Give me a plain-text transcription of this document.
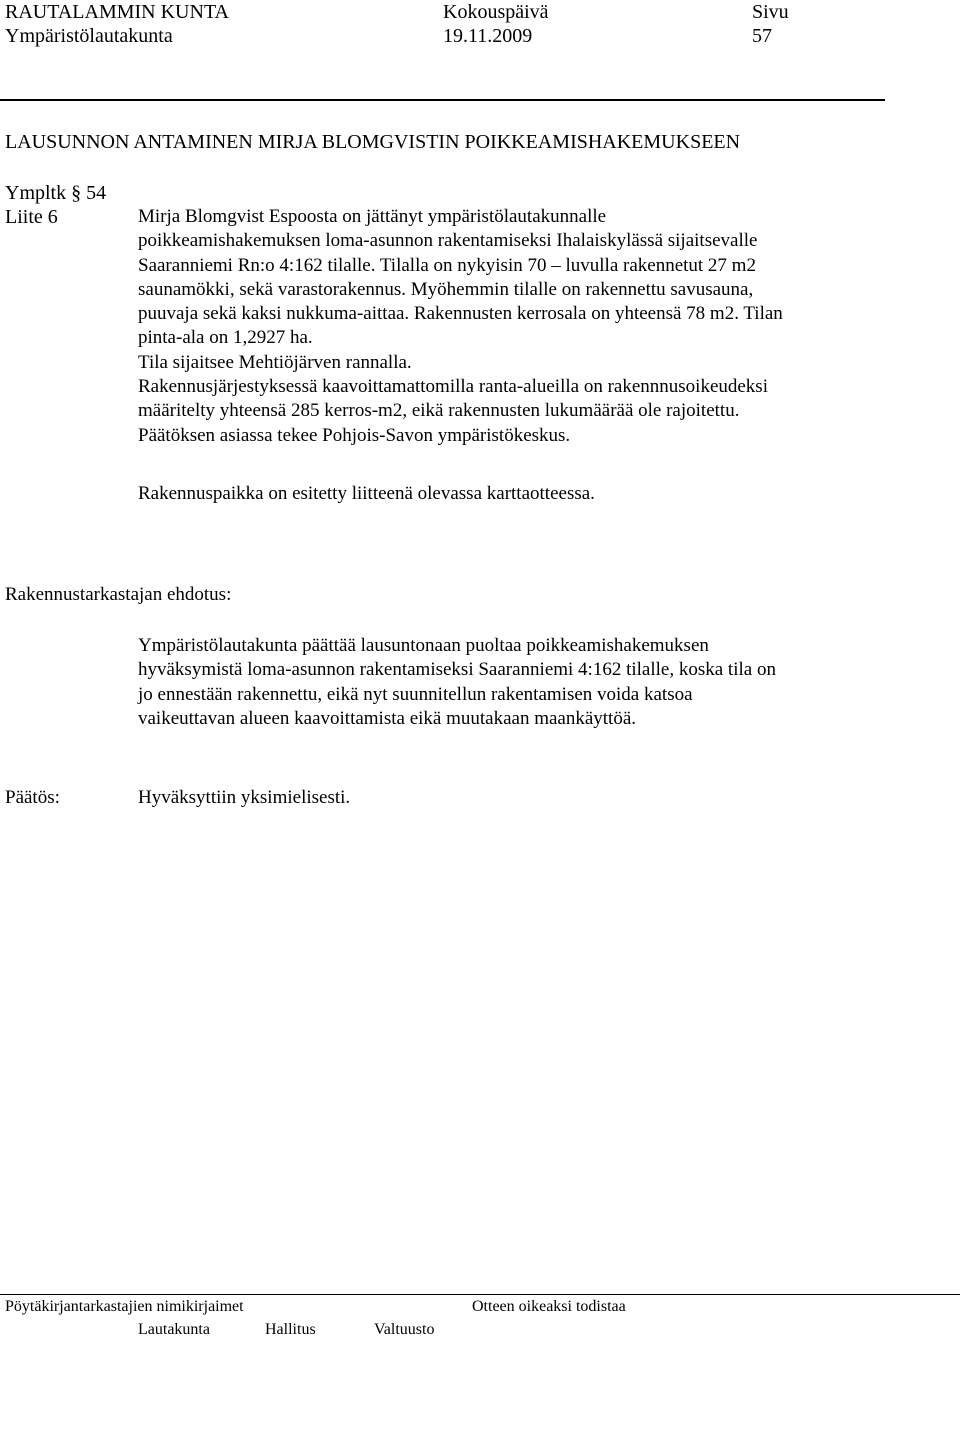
RAUTALAMMIN KUNTA	Kokouspäivä	Sivu
Ympäristölautakunta	19.11.2009	57
LAUSUNNON ANTAMINEN MIRJA BLOMGVISTIN POIKKEAMISHAKEMUKSEEN
Ympltk § 54
Liite 6	Mirja Blomgvist Espoosta on jättänyt ympäristölautakunnalle
poikkeamishakemuksen loma-asunnon rakentamiseksi Ihalaiskylässä sijaitsevalle
Saaranniemi Rn:o 4:162 tilalle. Tilalla on nykyisin 70 – luvulla rakennetut 27 m2
saunamökki, sekä varastorakennus. Myöhemmin tilalle on rakennettu savusauna,
puuvaja sekä kaksi nukkuma-aittaa. Rakennusten kerrosala on yhteensä 78 m2. Tilan
pinta-ala on 1,2927 ha.
Tila sijaitsee Mehtiöjärven rannalla.
Rakennusjärjestyksessä kaavoittamattomilla ranta-alueilla on rakennnusoikeudeksi
määritelty yhteensä 285 kerros-m2, eikä rakennusten lukumäärää ole rajoitettu.
Päätöksen asiassa tekee Pohjois-Savon ympäristökeskus.
Rakennuspaikka on esitetty liitteenä olevassa karttaotteessa.
Rakennustarkastajan ehdotus:
Ympäristölautakunta päättää lausuntonaan puoltaa poikkeamishakemuksen
hyväksymistä loma-asunnon rakentamiseksi Saaranniemi 4:162 tilalle, koska tila on
jo ennestään rakennettu, eikä nyt suunnitellun rakentamisen voida katsoa
vaikeuttavan alueen kaavoittamista eikä muutakaan maankäyttöä.
Päätös:	Hyväksyttiin yksimielisesti.
Pöytäkirjantarkastajien nimikirjaimet	Otteen oikeaksi todistaa
Lautakunta	Hallitus	Valtuusto
